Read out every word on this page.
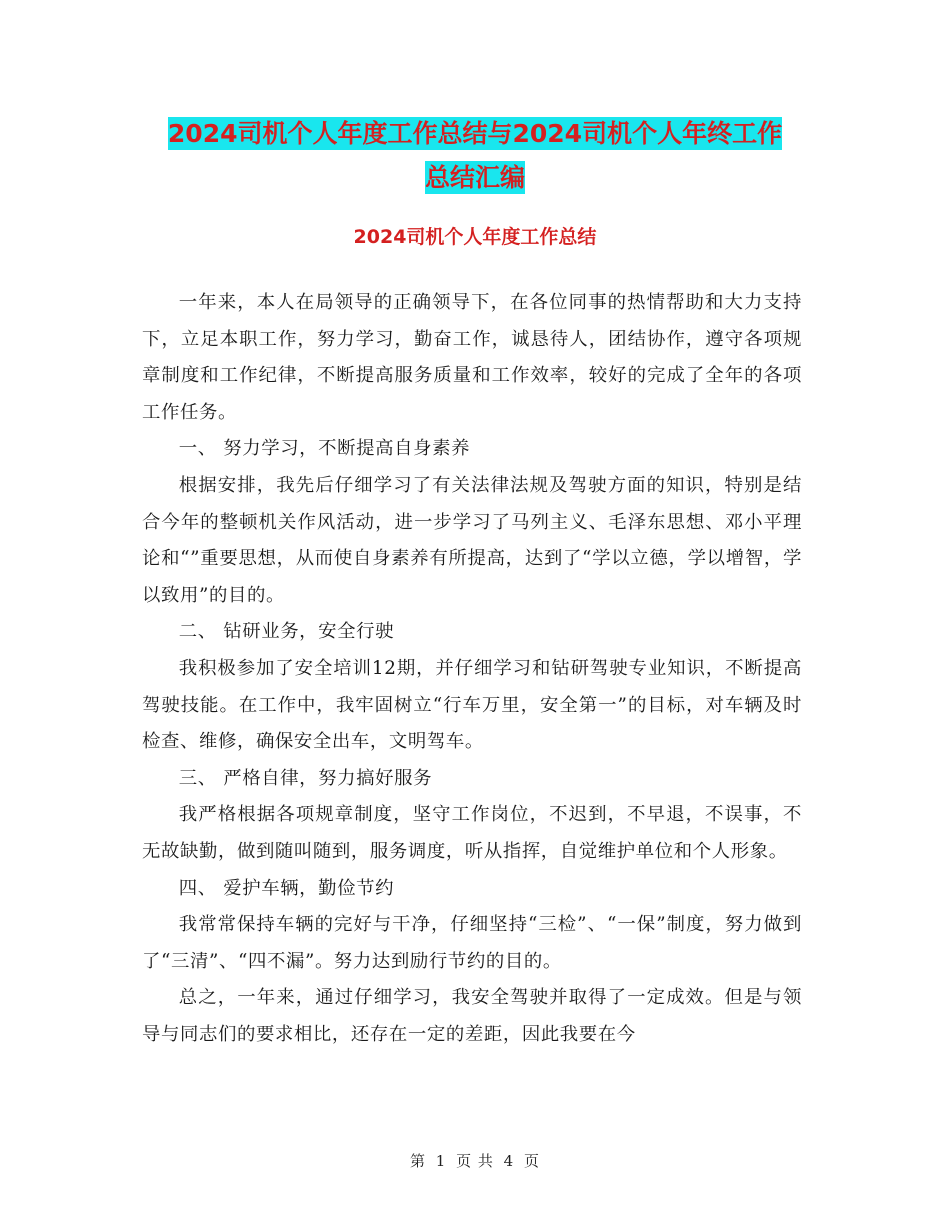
2024司机个人年度工作总结与2024司机个人年终工作
总结汇编
2024司机个人年度工作总结

一年来，本人在局领导的正确领导下，在各位同事的热情帮助和大力支持下，立足本职工作，努力学习，勤奋工作，诚恳待人，团结协作，遵守各项规章制度和工作纪律，不断提高服务质量和工作效率，较好的完成了全年的各项工作任务。

一、 努力学习，不断提高自身素养

根据安排，我先后仔细学习了有关法律法规及驾驶方面的知识，特别是结合今年的整顿机关作风活动，进一步学习了马列主义、毛泽东思想、邓小平理论和“”重要思想，从而使自身素养有所提高，达到了“学以立德，学以增智，学以致用”的目的。

二、 钻研业务，安全行驶

我积极参加了安全培训12期，并仔细学习和钻研驾驶专业知识，不断提高驾驶技能。在工作中，我牢固树立“行车万里，安全第一”的目标，对车辆及时检查、维修，确保安全出车，文明驾车。

三、 严格自律，努力搞好服务

我严格根据各项规章制度，坚守工作岗位，不迟到，不早退，不误事，不无故缺勤，做到随叫随到，服务调度，听从指挥，自觉维护单位和个人形象。

四、 爱护车辆，勤俭节约

我常常保持车辆的完好与干净，仔细坚持“三检”、“一保”制度，努力做到了“三清”、“四不漏”。努力达到励行节约的目的。

总之，一年来，通过仔细学习，我安全驾驶并取得了一定成效。但是与领导与同志们的要求相比，还存在一定的差距，因此我要在今

第 1 页 共 4 页
